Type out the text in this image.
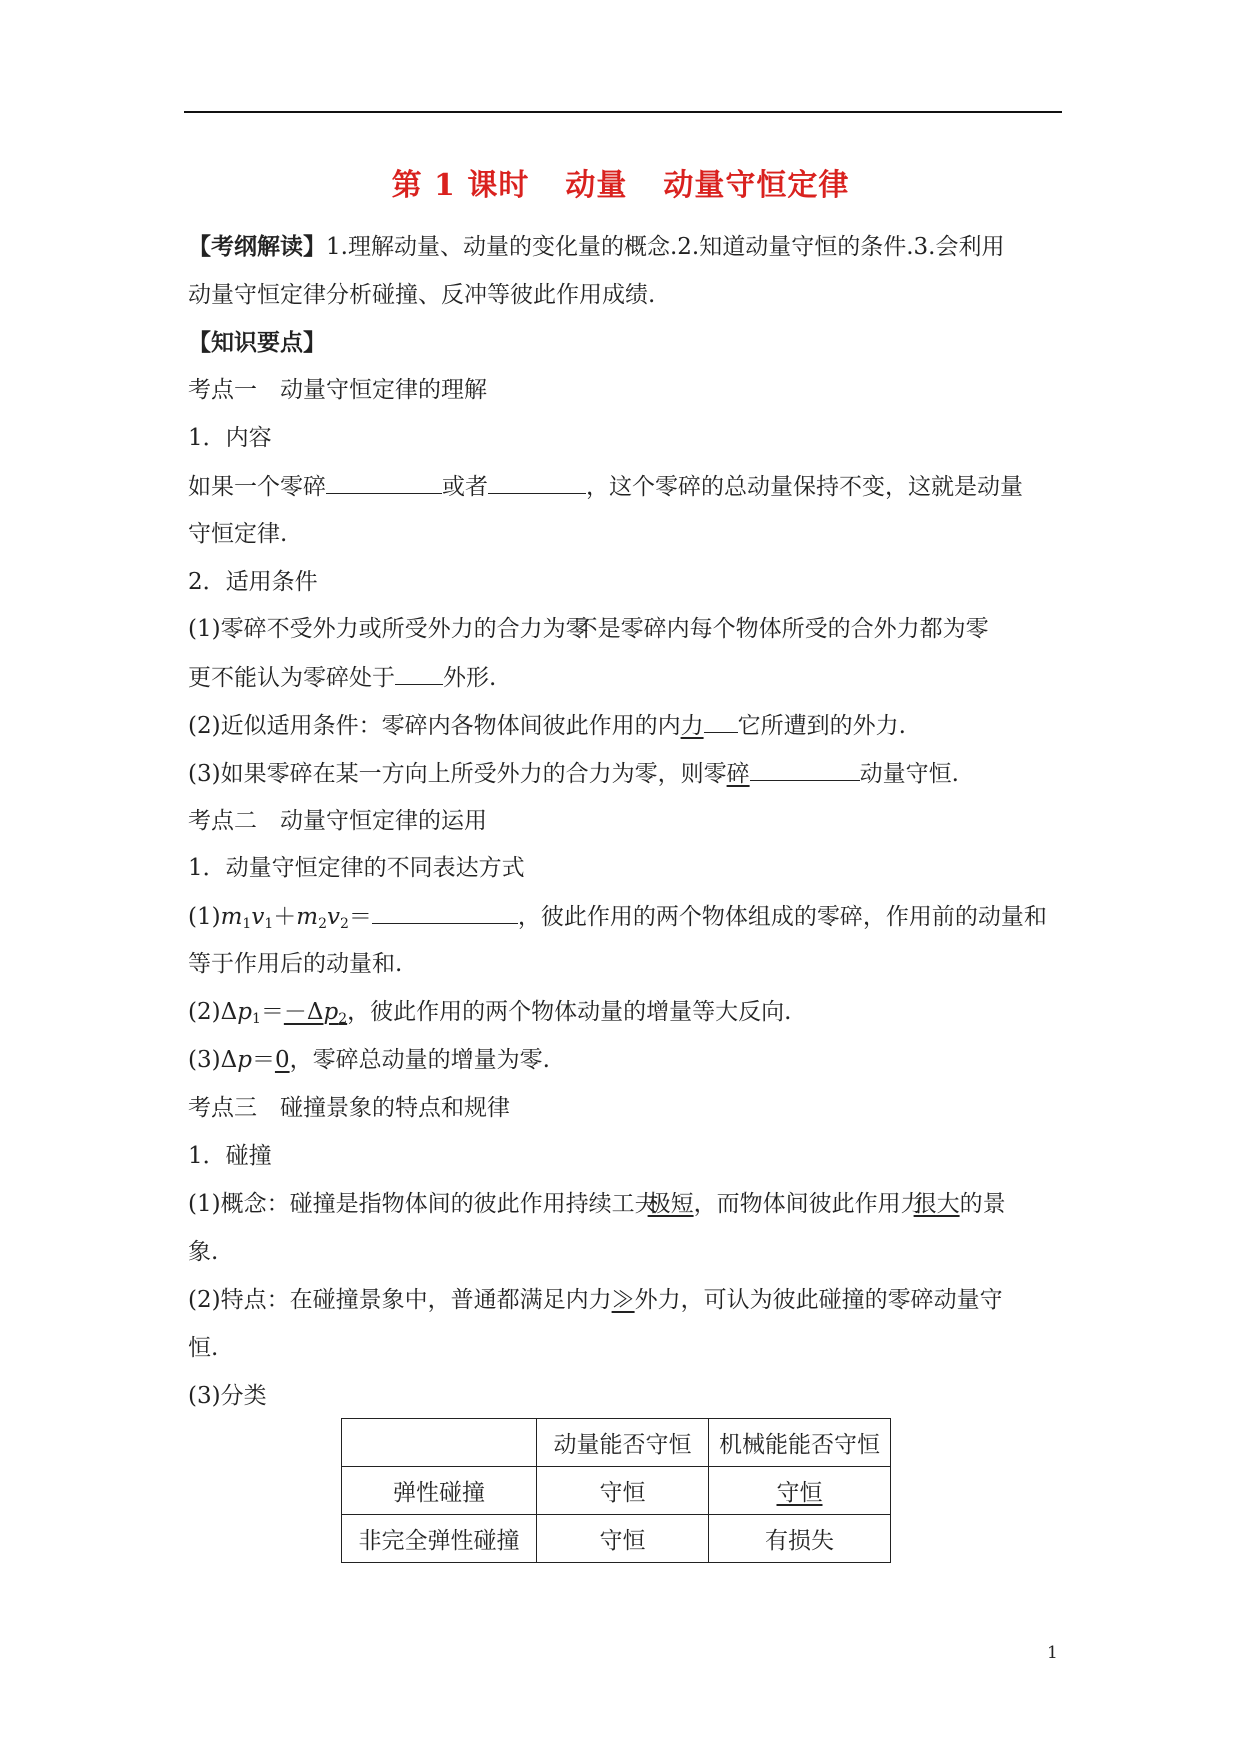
第 1 课时 动量 动量守恒定律
【考纲解读】1.理解动量、动量的变化量的概念.2.知道动量守恒的条件.3.会利用
动量守恒定律分析碰撞、反冲等彼此作用成绩.
【知识要点】
考点一　动量守恒定律的理解
1．内容
如果一个零碎	或者	，这个零碎的总动量保持不变，这就是动量
守恒定律.
2．适用条件
(1)零碎不受外力或所受外力的合力为零不是零碎内每个物体所受的合外力都为零
更不能认为零碎处于 外形.
(2)近似适用条件：零碎内各物体间彼此作用的内力 它所遭到的外力.
(3)如果零碎在某一方向上所受外力的合力为零，则零碎	动量守恒.
考点二　动量守恒定律的运用
1．动量守恒定律的不同表达方式
$(1)m_1v_1+m_2v_2=$	，彼此作用的两个物体组成的零碎，作用前的动量和
等于作用后的动量和.
$(2)\Delta p_1=-\Delta p_2$，彼此作用的两个物体动量的增量等大反向.
(3)Δp＝0，零碎总动量的增量为零.
考点三　碰撞景象的特点和规律
1．碰撞
(1)概念：碰撞是指物体间的彼此作用持续工夫极短，而物体间彼此作用力很大的景
象.
(2)特点：在碰撞景象中，普通都满足内力≫外力，可认为彼此碰撞的零碎动量守
恒.
(3)分类
	动量能否守恒	机械能能否守恒
弹性碰撞	守恒	守恒
非完全弹性碰撞	守恒	有损失
1
